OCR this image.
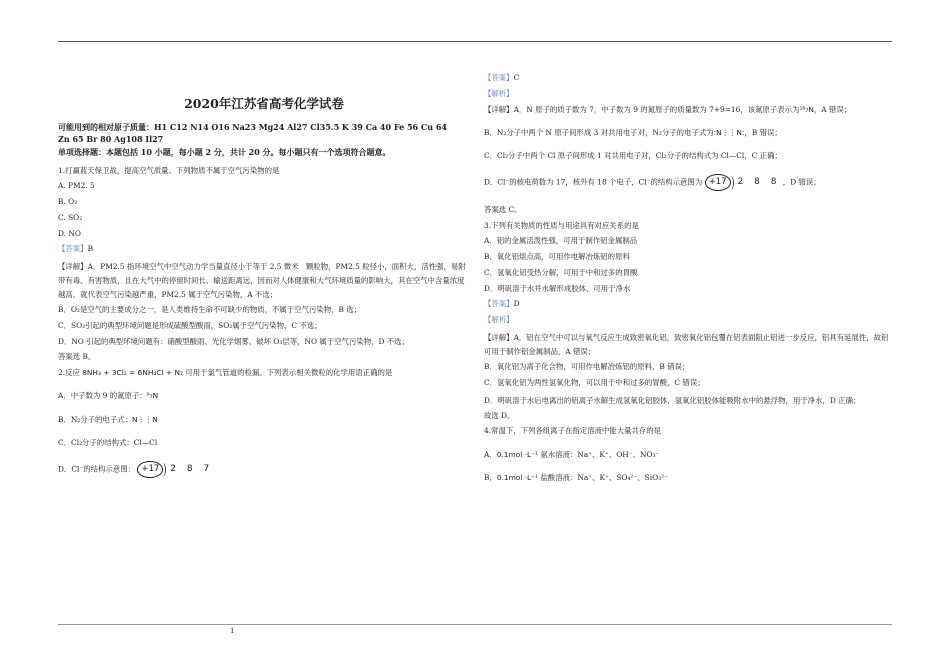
2020年江苏省高考化学试卷
可能用到的相对原子质量：H1 C12 N14 O16 Na23 Mg24 Al27 Cl35.5 K 39 Ca 40 Fe 56 Cu 64
Zn 65 Br 80 Ag108 Il27
单项选择题：本题包括 10 小题，每小题 2 分，共计 20 分。每小题只有一个选项符合题意。
1.打赢蓝天保卫战，提高空气质量。下列物质不属于空气污染物的是
A. PM2. 5
B. O₂
C. SO₂
D. NO
【答案】B
【详解】A．PM2.5 指环境空气中空气动力学当量直径小于等于 2.5 微米　颗粒物，PM2.5 粒径小，面积大，活性强，易附带有毒、有害物质，且在大气中的停留时间长、输送距离远，因而对人体健康和大气环境质量的影响大，其在空气中含量浓度越高，就代表空气污染越严重，PM2.5 属于空气污染物，A 不选；
B．O₂是空气的主要成分之一，是人类维持生命不可缺少的物质，不属于空气污染物，B 选；
C．SO₂引起的典型环境问题是形成硫酸型酸雨，SO₂属于空气污染物，C 不选；
D．NO 引起的典型环境问题有：硝酸型酸雨、光化学烟雾、破坏 O₃层等，NO 属于空气污染物，D 不选；
答案选 B。
2.反应 8NH₃ + 3Cl₂ = 6NH₄Cl + N₂ 可用于氯气管道的检漏。下列表示相关微粒的化学用语正确的是
A．中子数为 9 的氮原子：⁹₇N
B．N₂分子的电子式：N⋮⋮N
C．Cl₂分子的结构式：Cl—Cl
D．Cl⁻的结构示意图： +17	2 8 7
【答案】C
【解析】
【详解】A．N 原子的质子数为 7，中子数为 9 的氮原子的质量数为 7+9=16，该氮原子表示为¹⁶₇N，A 错误；
B．N₂分子中两个 N 原子间形成 3 对共用电子对，N₂分子的电子式为:N⋮⋮N:，B 错误；
C．Cl₂分子中两个 Cl 原子间形成 1 对共用电子对，Cl₂分子的结构式为 Cl—Cl，C 正确；
D．Cl⁻的核电荷数为 17，核外有 18 个电子，Cl⁻的结构示意图为 +17	2 8 8 ，D 错误；
答案选 C。
3.下列有关物质的性质与用途具有对应关系的是
A．铝的金属活泼性强，可用于制作铝金属制品
B．氧化铝熔点高，可用作电解冶炼铝的原料
C．氢氧化铝受热分解，可用于中和过多的胃酸
D．明矾溶于水并水解形成胶体，可用于净水
【答案】D
【解析】
【详解】A．铝在空气中可以与氧气反应生成致密氧化铝，致密氧化铝包覆在铝表面阻止铝进一步反应，铝具有延展性，故铝可用于制作铝金属制品，A 错误；
B．氧化铝为离子化合物，可用作电解冶炼铝的原料，B 错误；
C．氢氧化铝为两性氢氧化物，可以用于中和过多的胃酸，C 错误；
D．明矾溶于水后电离出的铝离子水解生成氢氧化铝胶体，氢氧化铝胶体能吸附水中的悬浮物，用于净水，D 正确；
故选 D。
4.常温下，下列各组离子在指定溶液中能大量共存的是
A．0.1mol ·L⁻¹ 氨水溶液：Na⁺、K⁺、OH⁻、NO₃⁻
B．0.1mol ·L⁻¹ 盐酸溶液：Na⁺、K⁺、SO₄²⁻、SiO₃²⁻
1
